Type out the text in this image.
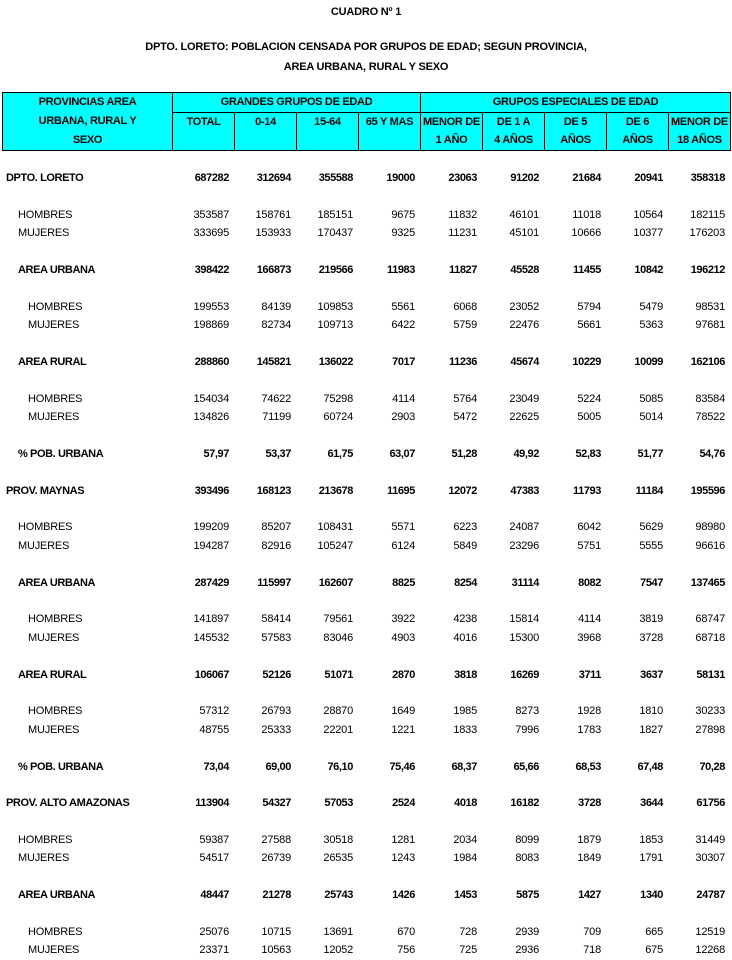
CUADRO Nº 1
DPTO. LORETO: POBLACION CENSADA POR GRUPOS DE EDAD; SEGUN PROVINCIA,
AREA URBANA, RURAL Y SEXO
PROVINCIAS AREA	GRANDES GRUPOS DE EDAD				GRUPOS ESPECIALES DE EDAD				
URBANA, RURAL Y	TOTAL	0-14	15-64	65 Y MAS	MENOR DE	DE 1 A	DE 5	DE 6	MENOR DE
SEXO					1 AÑO	4 AÑOS	AÑOS	AÑOS	18 AÑOS
DPTO. LORETO	687282	312694	355588	19000	23063	91202	21684	20941	358318
HOMBRES	353587	158761	185151	9675	11832	46101	11018	10564	182115
MUJERES	333695	153933	170437	9325	11231	45101	10666	10377	176203
AREA URBANA	398422	166873	219566	11983	11827	45528	11455	10842	196212
HOMBRES	199553	84139	109853	5561	6068	23052	5794	5479	98531
MUJERES	198869	82734	109713	6422	5759	22476	5661	5363	97681
AREA RURAL	288860	145821	136022	7017	11236	45674	10229	10099	162106
HOMBRES	154034	74622	75298	4114	5764	23049	5224	5085	83584
MUJERES	134826	71199	60724	2903	5472	22625	5005	5014	78522
% POB. URBANA	57,97	53,37	61,75	63,07	51,28	49,92	52,83	51,77	54,76
PROV. MAYNAS	393496	168123	213678	11695	12072	47383	11793	11184	195596
HOMBRES	199209	85207	108431	5571	6223	24087	6042	5629	98980
MUJERES	194287	82916	105247	6124	5849	23296	5751	5555	96616
AREA URBANA	287429	115997	162607	8825	8254	31114	8082	7547	137465
HOMBRES	141897	58414	79561	3922	4238	15814	4114	3819	68747
MUJERES	145532	57583	83046	4903	4016	15300	3968	3728	68718
AREA RURAL	106067	52126	51071	2870	3818	16269	3711	3637	58131
HOMBRES	57312	26793	28870	1649	1985	8273	1928	1810	30233
MUJERES	48755	25333	22201	1221	1833	7996	1783	1827	27898
% POB. URBANA	73,04	69,00	76,10	75,46	68,37	65,66	68,53	67,48	70,28
PROV. ALTO AMAZONAS	113904	54327	57053	2524	4018	16182	3728	3644	61756
HOMBRES	59387	27588	30518	1281	2034	8099	1879	1853	31449
MUJERES	54517	26739	26535	1243	1984	8083	1849	1791	30307
AREA URBANA	48447	21278	25743	1426	1453	5875	1427	1340	24787
HOMBRES	25076	10715	13691	670	728	2939	709	665	12519
MUJERES	23371	10563	12052	756	725	2936	718	675	12268
